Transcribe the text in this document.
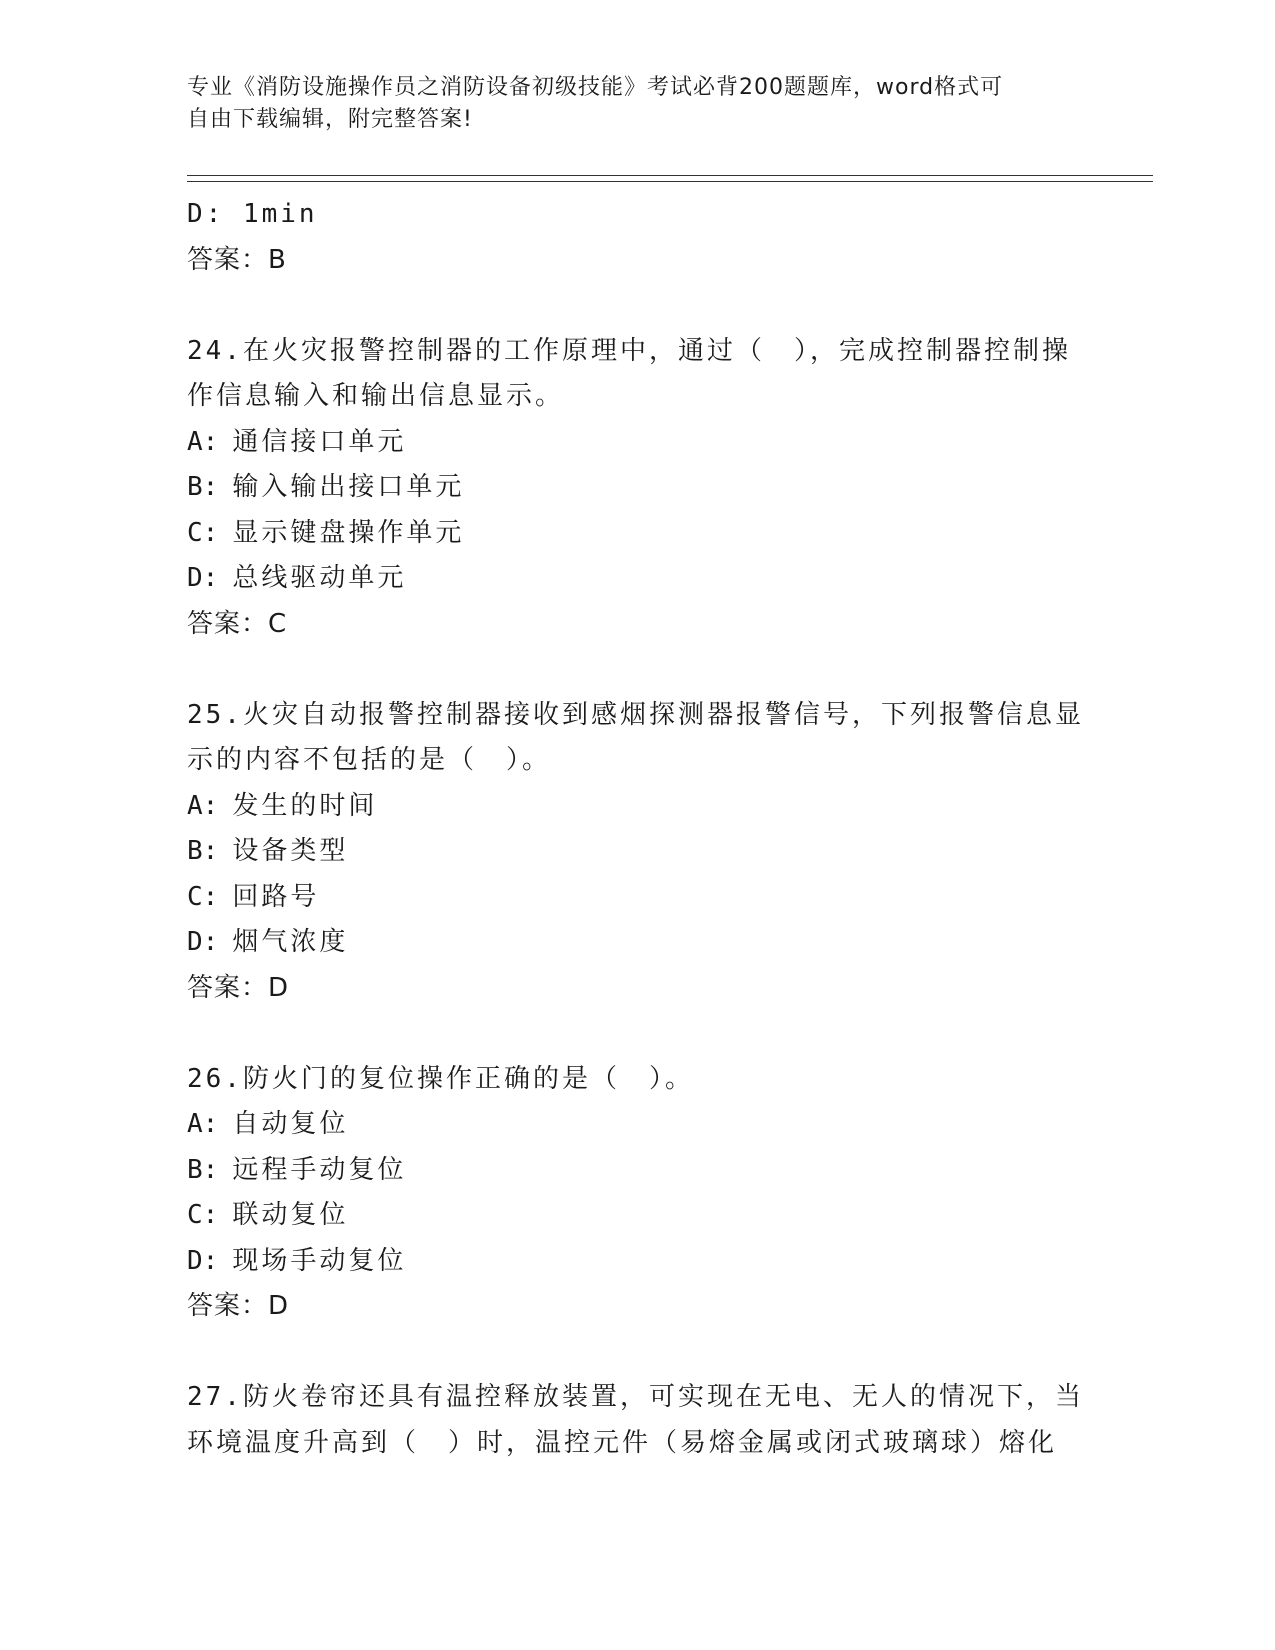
专业《消防设施操作员之消防设备初级技能》考试必背200题题库，word格式可
自由下载编辑，附完整答案!
D: 1min
答案：B
24.在火灾报警控制器的工作原理中，通过（　），完成控制器控制操
作信息输入和输出信息显示。
A: 通信接口单元
B: 输入输出接口单元
C: 显示键盘操作单元
D: 总线驱动单元
答案：C
25.火灾自动报警控制器接收到感烟探测器报警信号，下列报警信息显
示的内容不包括的是（　）。
A: 发生的时间
B: 设备类型
C: 回路号
D: 烟气浓度
答案：D
26.防火门的复位操作正确的是（　）。
A: 自动复位
B: 远程手动复位
C: 联动复位
D: 现场手动复位
答案：D
27.防火卷帘还具有温控释放装置，可实现在无电、无人的情况下，当
环境温度升高到（　）时，温控元件（易熔金属或闭式玻璃球）熔化
